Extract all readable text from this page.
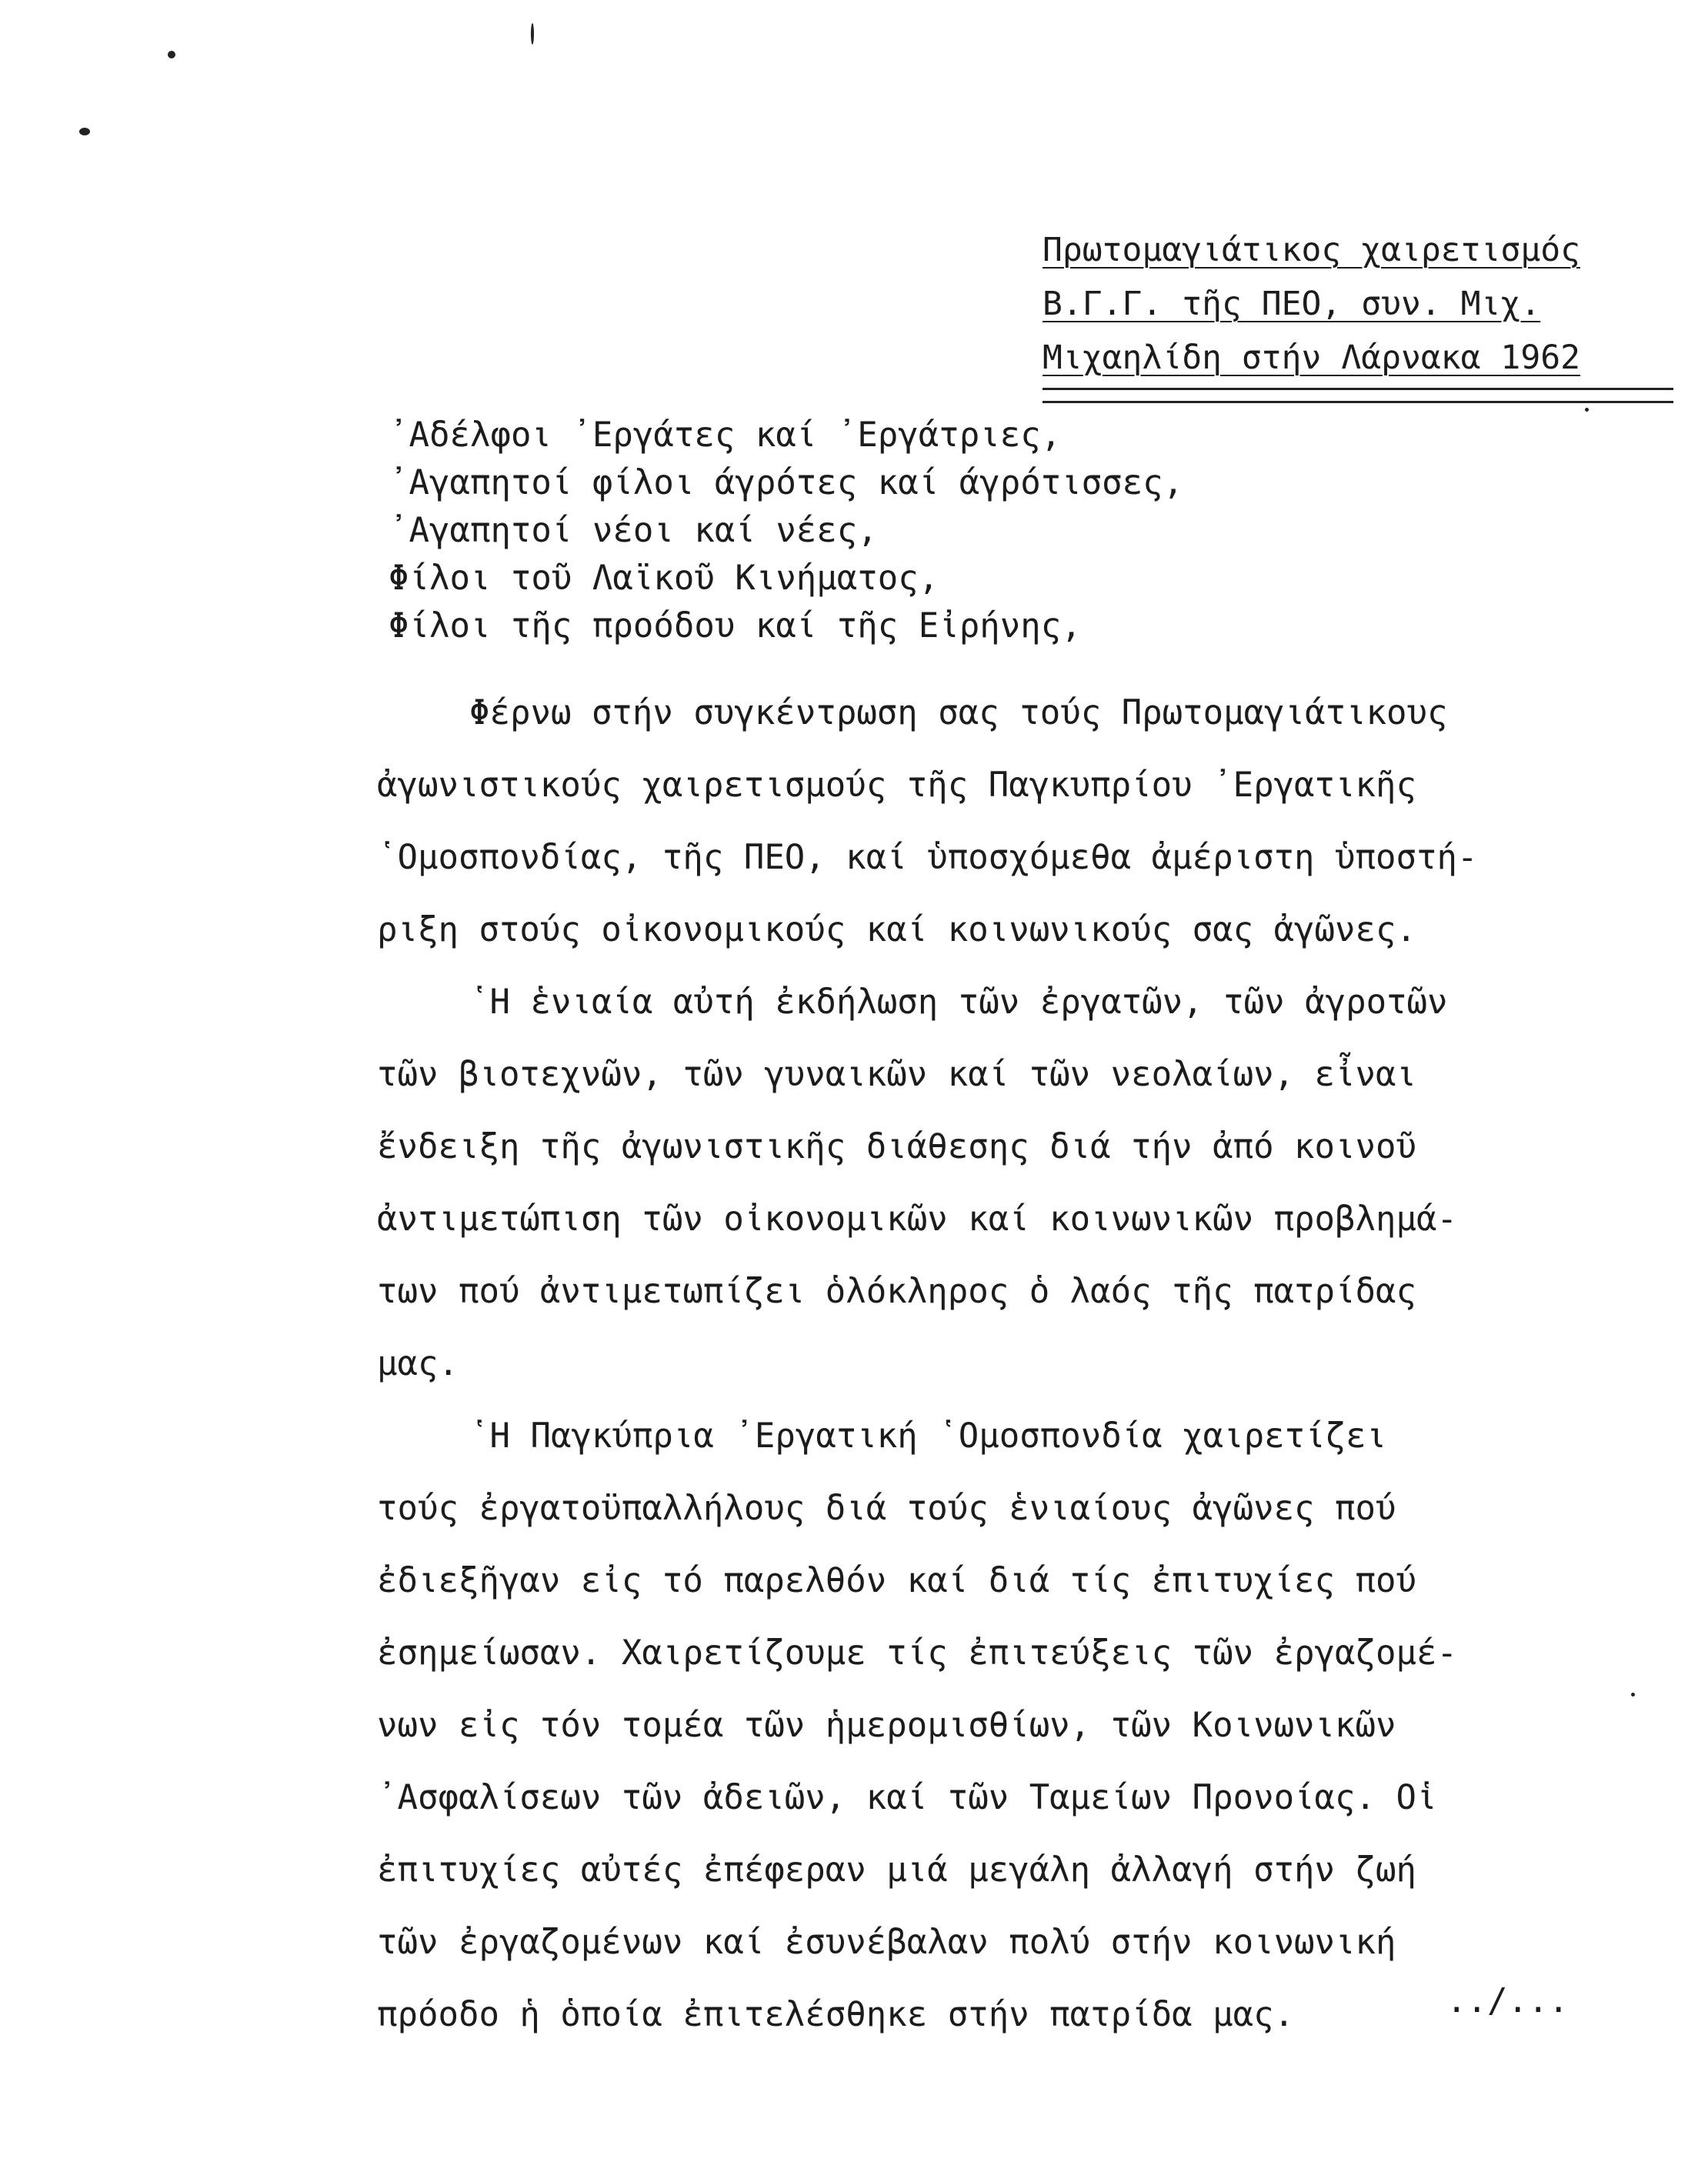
Πρωτομαγιάτικος χαιρετισμός
Β.Γ.Γ. τῆς ΠΕΟ, συν. Μιχ.
Μιχαηλίδη στήν Λάρνακα 1962
᾿Αδέλφοι ᾿Εργάτες καί ᾿Εργάτριες,
᾿Αγαπητοί φίλοι άγρότες καί άγρότισσες,
᾿Αγαπητοί νέοι καί νέες,
Φίλοι τοῦ Λαϊκοῦ Κινήματος,
Φίλοι τῆς προόδου καί τῆς Εἰρήνης,
Φέρνω στήν συγκέντρωση σας τούς Πρωτομαγιάτικους
ἀγωνιστικούς χαιρετισμούς τῆς Παγκυπρίου ᾿Εργατικῆς
῾Ομοσπονδίας, τῆς ΠΕΟ, καί ὑποσχόμεθα ἀμέριστη ὑποστή-
ριξη στούς οἰκονομικούς καί κοινωνικούς σας ἀγῶνες.
῾Η ἑνιαία αὐτή ἐκδήλωση τῶν ἐργατῶν, τῶν ἀγροτῶν
τῶν βιοτεχνῶν, τῶν γυναικῶν καί τῶν νεολαίων, εἶναι
ἔνδειξη τῆς ἀγωνιστικῆς διάθεσης διά τήν ἀπό κοινοῦ
ἀντιμετώπιση τῶν οἰκονομικῶν καί κοινωνικῶν προβλημά-
των πού ἀντιμετωπίζει ὁλόκληρος ὁ λαός τῆς πατρίδας
μας.
῾Η Παγκύπρια ᾿Εργατική ῾Ομοσπονδία χαιρετίζει
τούς ἐργατοϋπαλλήλους διά τούς ἑνιαίους ἀγῶνες πού
ἐδιεξῆγαν εἰς τό παρελθόν καί διά τίς ἐπιτυχίες πού
ἐσημείωσαν. Χαιρετίζουμε τίς ἐπιτεύξεις τῶν ἐργαζομέ-
νων εἰς τόν τομέα τῶν ἡμερομισθίων, τῶν Κοινωνικῶν
᾿Ασφαλίσεων τῶν ἀδειῶν, καί τῶν Ταμείων Προνοίας. Οἱ
ἐπιτυχίες αὐτές ἐπέφεραν μιά μεγάλη ἀλλαγή στήν ζωή
τῶν ἐργαζομένων καί ἐσυνέβαλαν πολύ στήν κοινωνική
πρόοδο ἡ ὁποία ἐπιτελέσθηκε στήν πατρίδα μας.	../...
